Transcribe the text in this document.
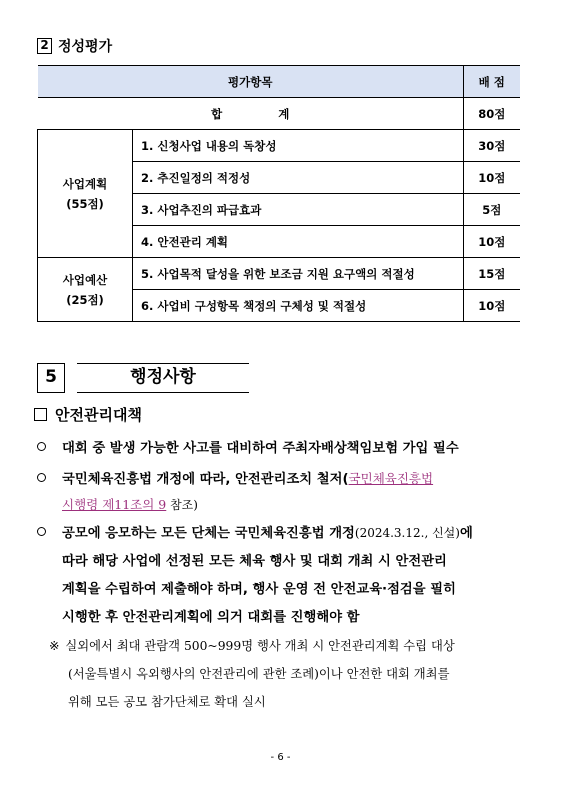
2 정성평가
평가항목		배 점
합 계		80점

사업계획
(55점)	1. 신청사업 내용의 독창성	30점
	2. 추진일정의 적정성	10점
	3. 사업추진의 파급효과	5점
	4. 안전관리 계획	10점

사업예산
(25점)	5. 사업목적 달성을 위한 보조금 지원 요구액의 적절성	15점
	6. 사업비 구성항목 책정의 구체성 및 적절성	10점
5	행정사항
안전관리대책
대회 중 발생 가능한 사고를 대비하여 주최자배상책임보험 가입 필수
국민체육진흥법 개정에 따라, 안전관리조치 철저(국민체육진흥법
시행령 제11조의 9 참조)
공모에 응모하는 모든 단체는 국민체육진흥법 개정(2024.3.12., 신설)에
따라 해당 사업에 선정된 모든 체육 행사 및 대회 개최 시 안전관리
계획을 수립하여 제출해야 하며, 행사 운영 전 안전교육·점검을 필히
시행한 후 안전관리계획에 의거 대회를 진행해야 함
※ 실외에서 최대 관람객 500~999명 행사 개최 시 안전관리계획 수립 대상
(서울특별시 옥외행사의 안전관리에 관한 조례)이나 안전한 대회 개최를
위해 모든 공모 참가단체로 확대 실시
- 6 -
